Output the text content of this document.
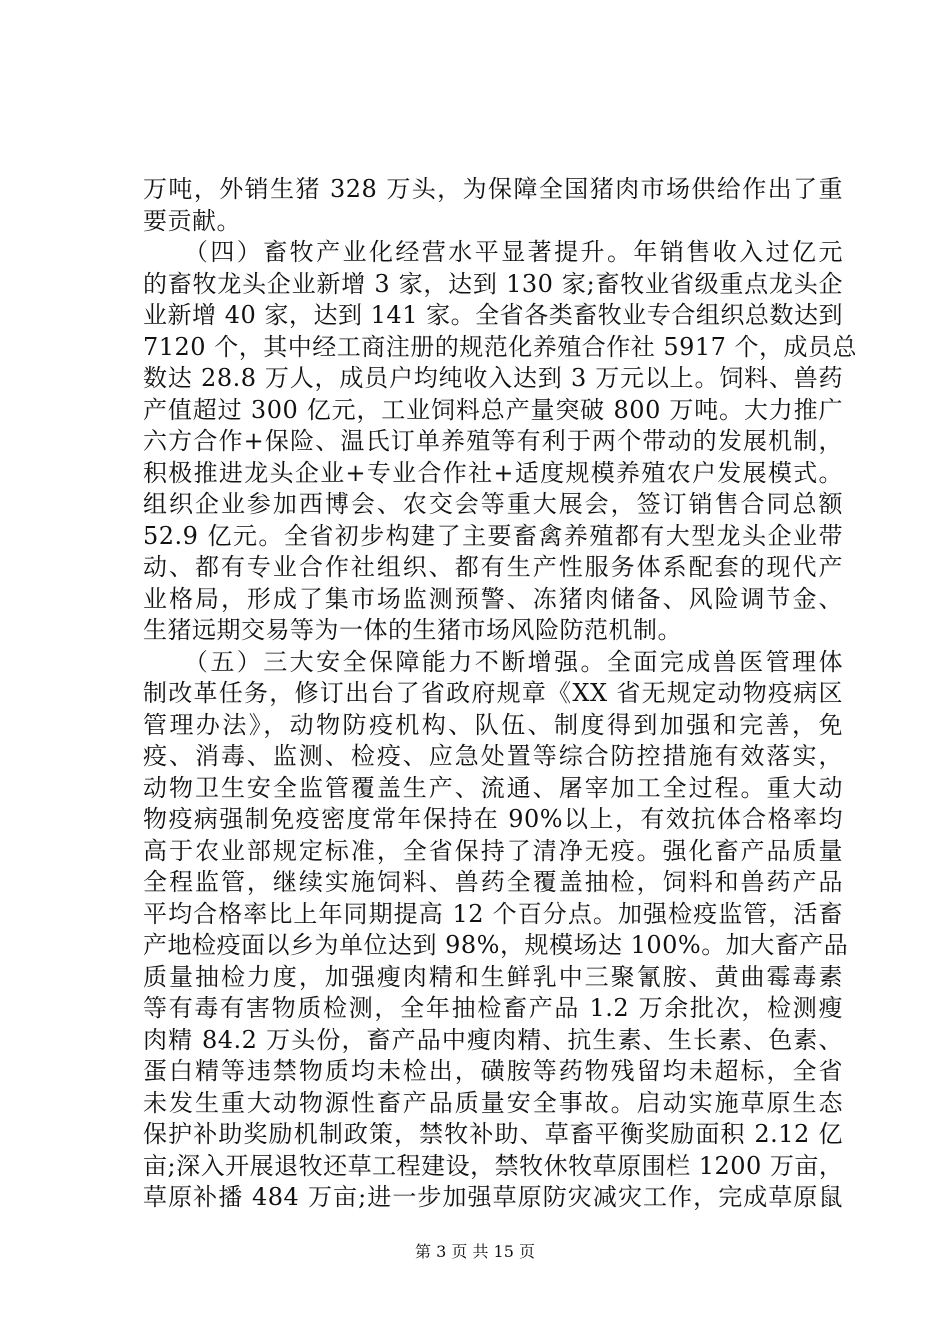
万吨，外销生猪 328 万头，为保障全国猪肉市场供给作出了重
要贡献。
　　（四）畜牧产业化经营水平显著提升。年销售收入过亿元
的畜牧龙头企业新增 3 家，达到 130 家;畜牧业省级重点龙头企
业新增 40 家，达到 141 家。全省各类畜牧业专合组织总数达到
7120 个，其中经工商注册的规范化养殖合作社 5917 个，成员总
数达 28.8 万人，成员户均纯收入达到 3 万元以上。饲料、兽药
产值超过 300 亿元，工业饲料总产量突破 800 万吨。大力推广
六方合作+保险、温氏订单养殖等有利于两个带动的发展机制，
积极推进龙头企业+专业合作社+适度规模养殖农户发展模式。
组织企业参加西博会、农交会等重大展会，签订销售合同总额
52.9 亿元。全省初步构建了主要畜禽养殖都有大型龙头企业带
动、都有专业合作社组织、都有生产性服务体系配套的现代产
业格局，形成了集市场监测预警、冻猪肉储备、风险调节金、
生猪远期交易等为一体的生猪市场风险防范机制。
　　（五）三大安全保障能力不断增强。全面完成兽医管理体
制改革任务，修订出台了省政府规章《XX 省无规定动物疫病区
管理办法》，动物防疫机构、队伍、制度得到加强和完善，免
疫、消毒、监测、检疫、应急处置等综合防控措施有效落实，
动物卫生安全监管覆盖生产、流通、屠宰加工全过程。重大动
物疫病强制免疫密度常年保持在 90%以上，有效抗体合格率均
高于农业部规定标准，全省保持了清净无疫。强化畜产品质量
全程监管，继续实施饲料、兽药全覆盖抽检，饲料和兽药产品
平均合格率比上年同期提高 12 个百分点。加强检疫监管，活畜
产地检疫面以乡为单位达到 98%，规模场达 100%。加大畜产品
质量抽检力度，加强瘦肉精和生鲜乳中三聚氰胺、黄曲霉毒素
等有毒有害物质检测，全年抽检畜产品 1.2 万余批次，检测瘦
肉精 84.2 万头份，畜产品中瘦肉精、抗生素、生长素、色素、
蛋白精等违禁物质均未检出，磺胺等药物残留均未超标，全省
未发生重大动物源性畜产品质量安全事故。启动实施草原生态
保护补助奖励机制政策，禁牧补助、草畜平衡奖励面积 2.12 亿
亩;深入开展退牧还草工程建设，禁牧休牧草原围栏 1200 万亩，
草原补播 484 万亩;进一步加强草原防灾减灾工作，完成草原鼠
第 3 页 共 15 页
